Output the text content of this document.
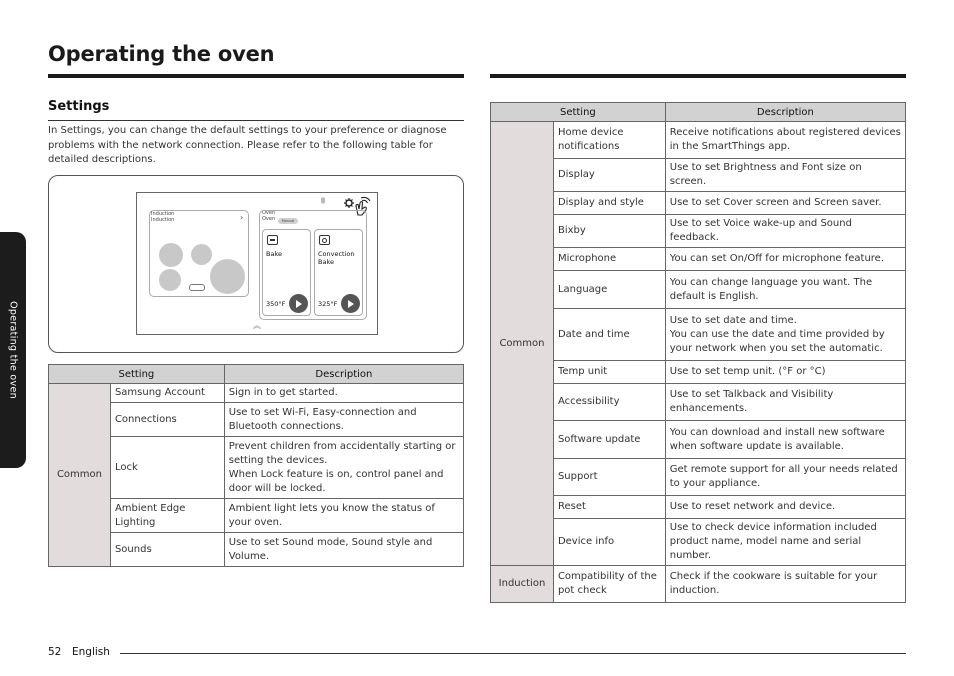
Operating the oven
Operating the oven
Settings
In Settings, you can change the default settings to your preference or diagnose problems with the network connection. Please refer to the following table for detailed descriptions.
Induction
Induction	›	Oven
Oven	Manual
Bake
350°F
Convection Bake
325°F
︽
Setting		Description
Common	Samsung Account	Sign in to get started.
	Connections	Use to set Wi-Fi, Easy-connection and Bluetooth connections.
	Lock	Prevent children from accidentally starting or setting the devices.
When Lock feature is on, control panel and door will be locked.
	Ambient Edge Lighting	Ambient light lets you know the status of your oven.
	Sounds	Use to set Sound mode, Sound style and Volume.
Setting		Description
Common	Home device notifications	Receive notifications about registered devices in the SmartThings app.
	Display	Use to set Brightness and Font size on screen.
	Display and style	Use to set Cover screen and Screen saver.
	Bixby	Use to set Voice wake-up and Sound feedback.
	Microphone	You can set On/Off for microphone feature.
	Language	You can change language you want. The default is English.
	Date and time	Use to set date and time.
You can use the date and time provided by your network when you set the automatic.
	Temp unit	Use to set temp unit. (°F or °C)
	Accessibility	Use to set Talkback and Visibility enhancements.
	Software update	You can download and install new software when software update is available.
	Support	Get remote support for all your needs related to your appliance.
	Reset	Use to reset network and device.
	Device info	Use to check device information included product name, model name and serial number.
Induction	Compatibility of the pot check	Check if the cookware is suitable for your induction.
52 English
